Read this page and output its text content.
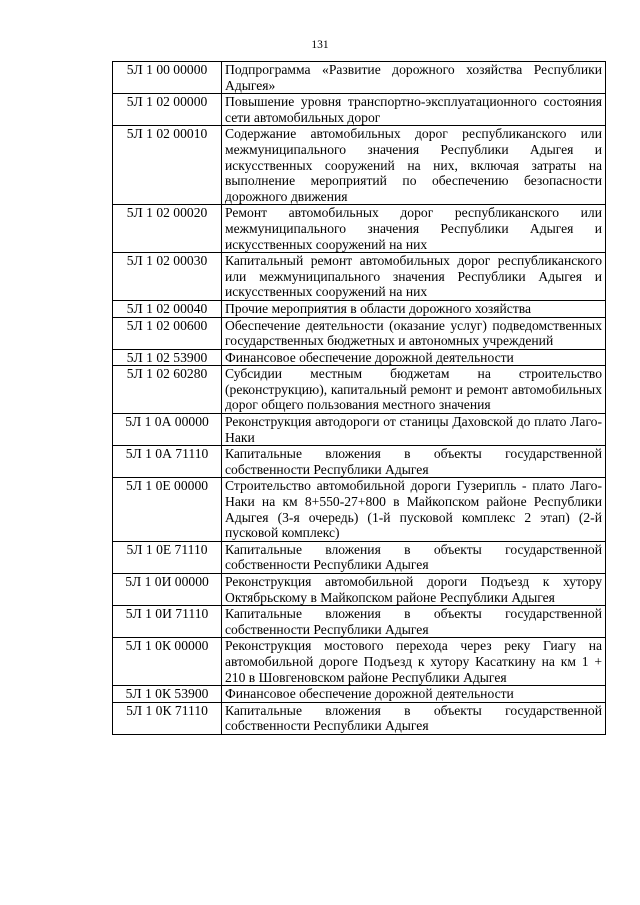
131
5Л 1 00 00000	Подпрограмма «Развитие дорожного хозяйства Республики Адыгея»

5Л 1 02 00000	Повышение уровня транспортно-эксплуатационного состояния сети автомобильных дорог

5Л 1 02 00010	Содержание автомобильных дорог республиканского или межмуниципального значения Республики Адыгея и искусственных сооружений на них, включая затраты на выполнение мероприятий по обеспечению безопасности дорожного движения

5Л 1 02 00020	Ремонт автомобильных дорог республиканского или межмуниципального значения Республики Адыгея и искусственных сооружений на них

5Л 1 02 00030	Капитальный ремонт автомобильных дорог республиканского или межмуниципального значения Республики Адыгея и искусственных сооружений на них

5Л 1 02 00040	Прочие мероприятия в области дорожного хозяйства

5Л 1 02 00600	Обеспечение деятельности (оказание услуг) подведомственных государственных бюджетных и автономных учреждений

5Л 1 02 53900	Финансовое обеспечение дорожной деятельности

5Л 1 02 60280	Субсидии местным бюджетам на строительство (реконструкцию), капитальный ремонт и ремонт автомобильных дорог общего пользования местного значения

5Л 1 0А 00000	Реконструкция автодороги от станицы Даховской до плато Лаго-Наки

5Л 1 0А 71110	Капитальные вложения в объекты государственной собственности Республики Адыгея

5Л 1 0Е 00000	Строительство автомобильной дороги Гузерипль - плато Лаго-Наки на км 8+550-27+800 в Майкопском районе Республики Адыгея (3-я очередь) (1-й пусковой комплекс 2 этап) (2-й пусковой комплекс)

5Л 1 0Е 71110	Капитальные вложения в объекты государственной собственности Республики Адыгея

5Л 1 0И 00000	Реконструкция автомобильной дороги Подъезд к хутору Октябрьскому в Майкопском районе Республики Адыгея

5Л 1 0И 71110	Капитальные вложения в объекты государственной собственности Республики Адыгея

5Л 1 0К 00000	Реконструкция мостового перехода через реку Гиагу на автомобильной дороге Подъезд к хутору Касаткину на км 1 + 210 в Шовгеновском районе Республики Адыгея

5Л 1 0К 53900	Финансовое обеспечение дорожной деятельности

5Л 1 0К 71110	Капитальные вложения в объекты государственной собственности Республики Адыгея
